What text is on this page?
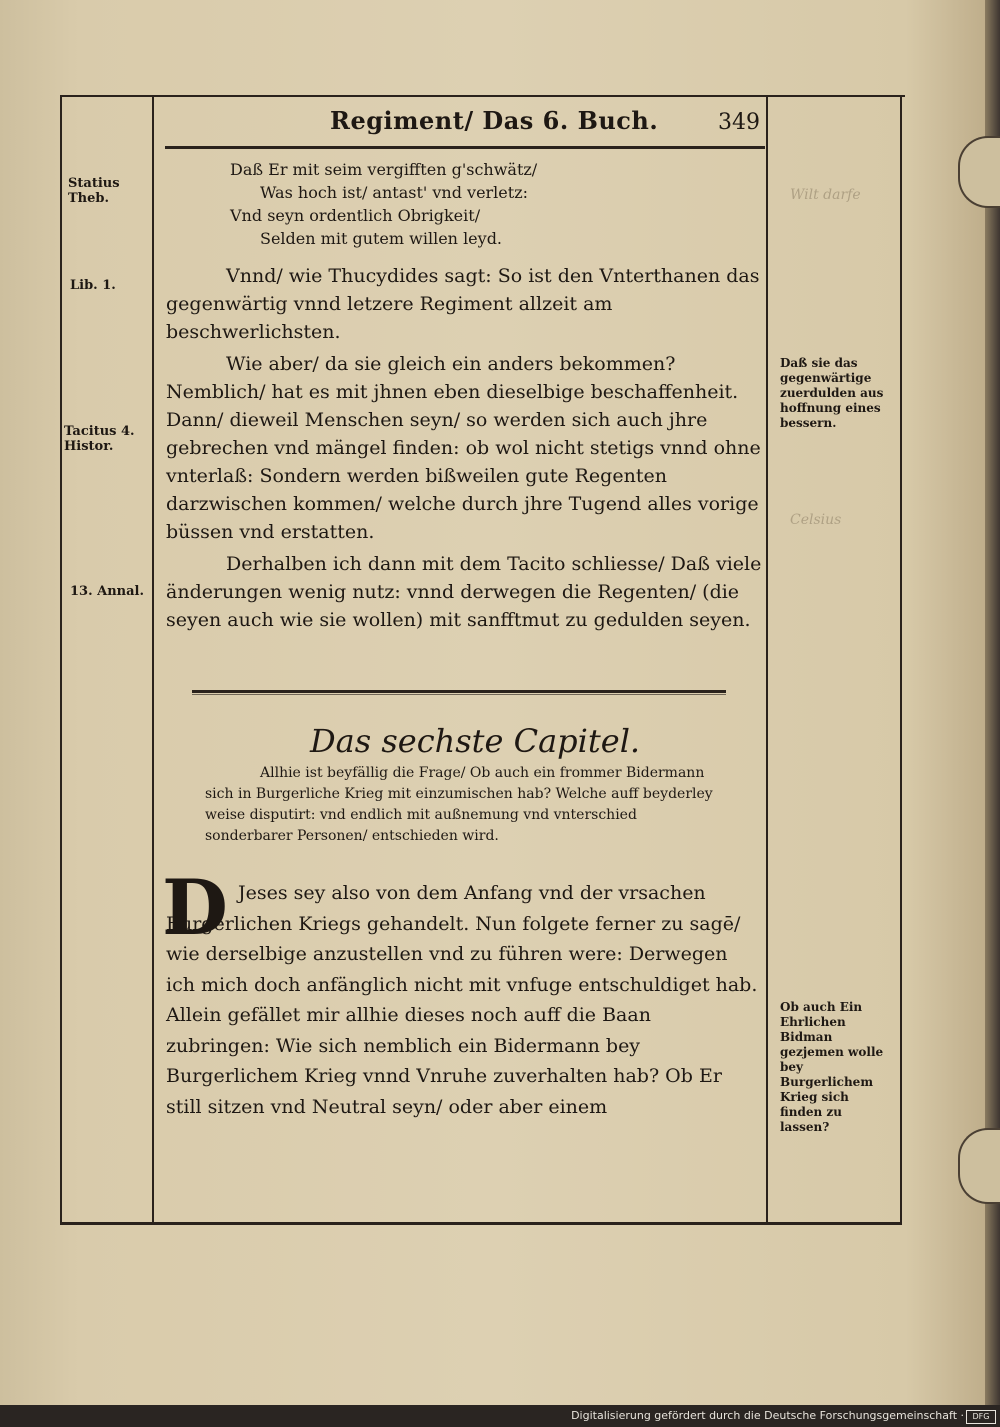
Wilt darfe
Celsius
Regiment/ Das 6. Buch.	349
Daß Er mit seim vergifften g'schwätz/
Was hoch ist/ antast' vnd verletz:
Vnd seyn ordentlich Obrigkeit/
Selden mit gutem willen leyd.

Vnnd/ wie Thucydides sagt: So ist den Vnterthanen das gegenwärtig vnnd letzere Regiment allzeit am beschwerlichsten.

Wie aber/ da sie gleich ein anders bekommen? Nemblich/ hat es mit jhnen eben dieselbige beschaffenheit. Dann/ dieweil Menschen seyn/ so werden sich auch jhre gebrechen vnd mängel finden: ob wol nicht stetigs vnnd ohne vnterlaß: Sondern werden bißweilen gute Regenten darzwischen kommen/ welche durch jhre Tugend alles vorige büssen vnd erstatten.

Derhalben ich dann mit dem Tacito schliesse/ Daß viele änderungen wenig nutz: vnnd derwegen die Regenten/ (die seyen auch wie sie wollen) mit sanfftmut zu gedulden seyen.

Das sechste Capitel.

Allhie ist beyfällig die Frage/ Ob auch ein frommer Bidermann sich in Burgerliche Krieg mit einzumischen hab? Welche auff beyderley weise disputirt: vnd endlich mit außnemung vnd vnterschied sonderbarer Personen/ entschieden wird.

D Jeses sey also von dem Anfang vnd der vrsachen Burgerlichen Kriegs gehandelt. Nun folgete ferner zu sagē/ wie derselbige anzustellen vnd zu führen were: Derwegen ich mich doch anfänglich nicht mit vnfuge entschuldiget hab. Allein gefället mir allhie dieses noch auff die Baan zubringen: Wie sich nemblich ein Bidermann bey Burgerlichem Krieg vnnd Vnruhe zuverhalten hab? Ob Er still sitzen vnd Neutral seyn/ oder aber einem
Statius Theb.
Lib. 1.
Tacitus 4. Histor.
13. Annal.
Daß sie das gegenwärtige zuerdulden aus hoffnung eines bessern.
Ob auch Ein Ehrlichen Bidman gezjemen wolle bey Burgerlichem Krieg sich finden zu lassen?
Digitalisierung gefördert durch die Deutsche Forschungsgemeinschaft ·	DFG
